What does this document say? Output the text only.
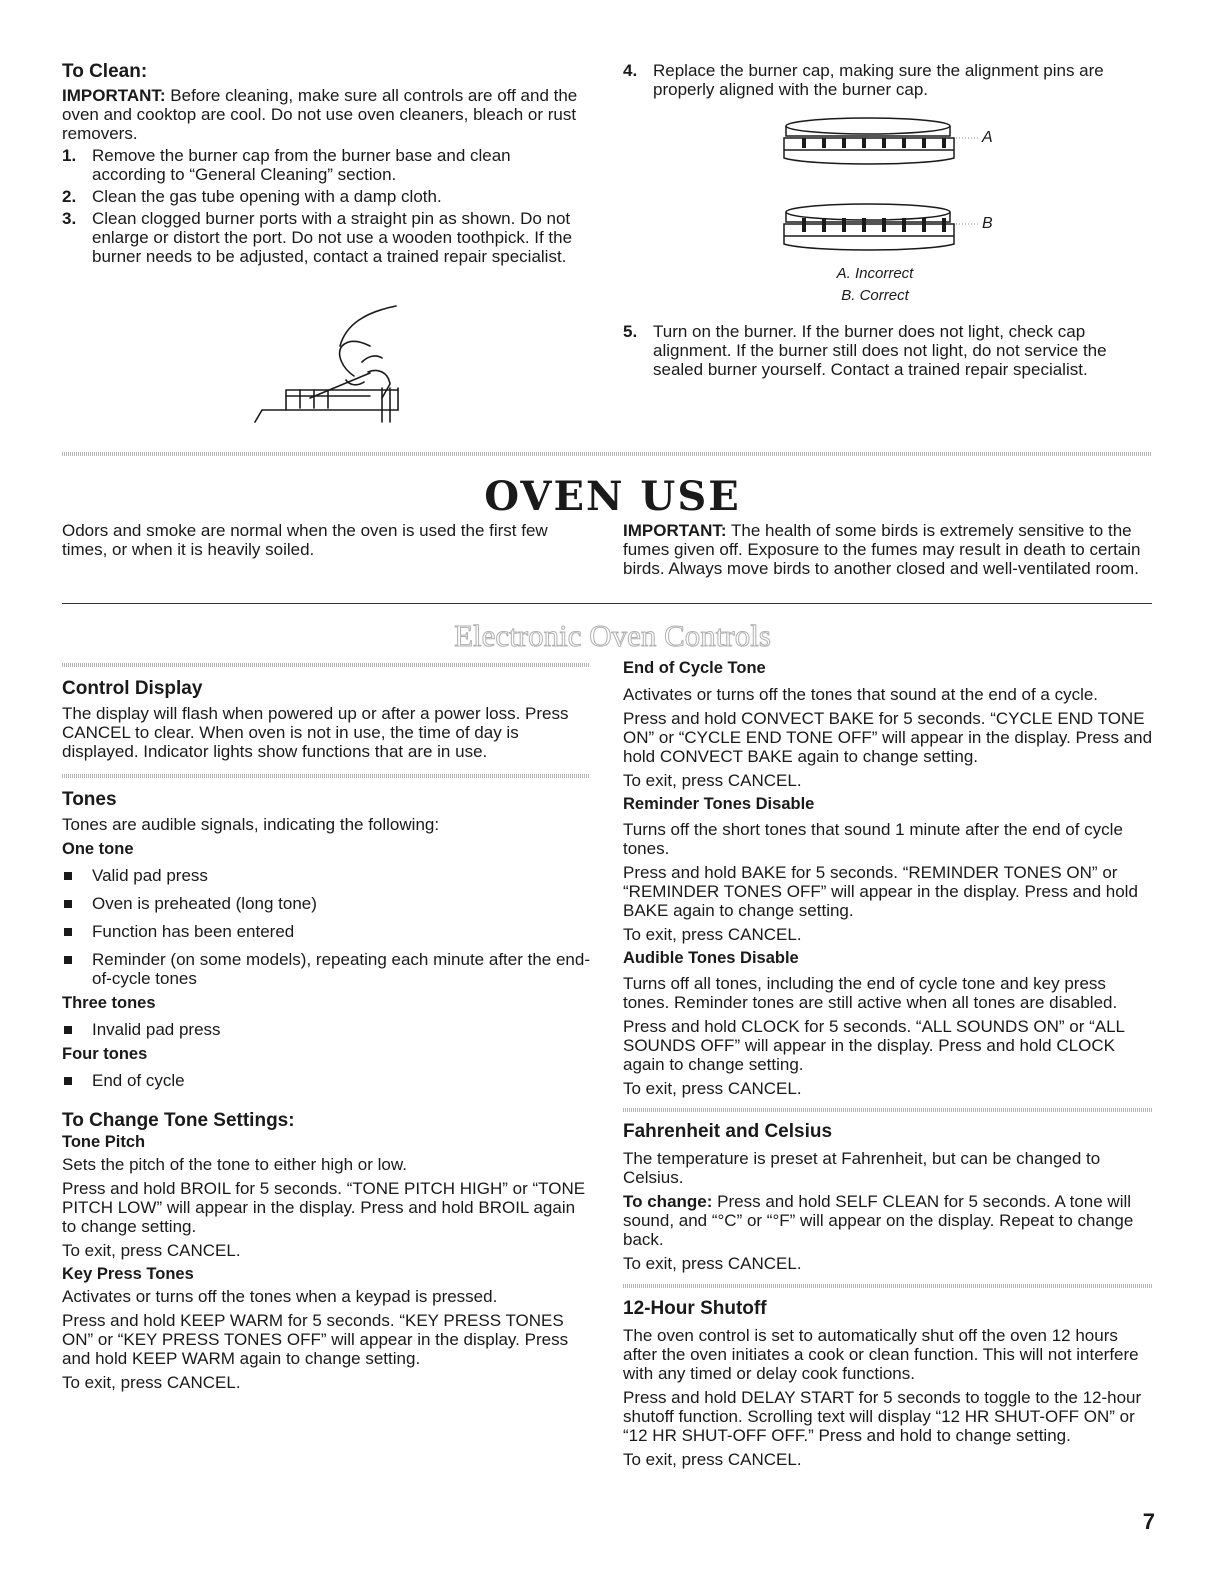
To Clean:

IMPORTANT: Before cleaning, make sure all controls are off and the oven and cooktop are cool. Do not use oven cleaners, bleach or rust removers.

1. Remove the burner cap from the burner base and clean according to “General Cleaning” section.
2. Clean the gas tube opening with a damp cloth.
3. Clean clogged burner ports with a straight pin as shown. Do not enlarge or distort the port. Do not use a wooden toothpick. If the burner needs to be adjusted, contact a trained repair specialist.
4. Replace the burner cap, making sure the alignment pins are properly aligned with the burner cap.
A
B
A. Incorrect
B. Correct
5. Turn on the burner. If the burner does not light, check cap alignment. If the burner still does not light, do not service the sealed burner yourself. Contact a trained repair specialist.
OVEN USE
Odors and smoke are normal when the oven is used the first few times, or when it is heavily soiled.
IMPORTANT: The health of some birds is extremely sensitive to the fumes given off. Exposure to the fumes may result in death to certain birds. Always move birds to another closed and well-ventilated room.
Electronic Oven Controls
Control Display

The display will flash when powered up or after a power loss. Press CANCEL to clear. When oven is not in use, the time of day is displayed. Indicator lights show functions that are in use.

Tones

Tones are audible signals, indicating the following:

One tone
Valid pad press
Oven is preheated (long tone)
Function has been entered
Reminder (on some models), repeating each minute after the end-of-cycle tones
Three tones
Invalid pad press
Four tones
End of cycle
To Change Tone Settings:
Tone Pitch

Sets the pitch of the tone to either high or low.

Press and hold BROIL for 5 seconds. “TONE PITCH HIGH” or “TONE PITCH LOW” will appear in the display. Press and hold BROIL again to change setting.

To exit, press CANCEL.

Key Press Tones

Activates or turns off the tones when a keypad is pressed.

Press and hold KEEP WARM for 5 seconds. “KEY PRESS TONES ON” or “KEY PRESS TONES OFF” will appear in the display. Press and hold KEEP WARM again to change setting.

To exit, press CANCEL.

End of Cycle Tone

Activates or turns off the tones that sound at the end of a cycle.

Press and hold CONVECT BAKE for 5 seconds. “CYCLE END TONE ON” or “CYCLE END TONE OFF” will appear in the display. Press and hold CONVECT BAKE again to change setting.

To exit, press CANCEL.

Reminder Tones Disable

Turns off the short tones that sound 1 minute after the end of cycle tones.

Press and hold BAKE for 5 seconds. “REMINDER TONES ON” or “REMINDER TONES OFF” will appear in the display. Press and hold BAKE again to change setting.

To exit, press CANCEL.

Audible Tones Disable

Turns off all tones, including the end of cycle tone and key press tones. Reminder tones are still active when all tones are disabled.

Press and hold CLOCK for 5 seconds. “ALL SOUNDS ON” or “ALL SOUNDS OFF” will appear in the display. Press and hold CLOCK again to change setting.

To exit, press CANCEL.

Fahrenheit and Celsius

The temperature is preset at Fahrenheit, but can be changed to Celsius.

To change: Press and hold SELF CLEAN for 5 seconds. A tone will sound, and “°C” or “°F” will appear on the display. Repeat to change back.

To exit, press CANCEL.

12-Hour Shutoff

The oven control is set to automatically shut off the oven 12 hours after the oven initiates a cook or clean function. This will not interfere with any timed or delay cook functions.

Press and hold DELAY START for 5 seconds to toggle to the 12-hour shutoff function. Scrolling text will display “12 HR SHUT-OFF ON” or “12 HR SHUT-OFF OFF.” Press and hold to change setting.

To exit, press CANCEL.

7
